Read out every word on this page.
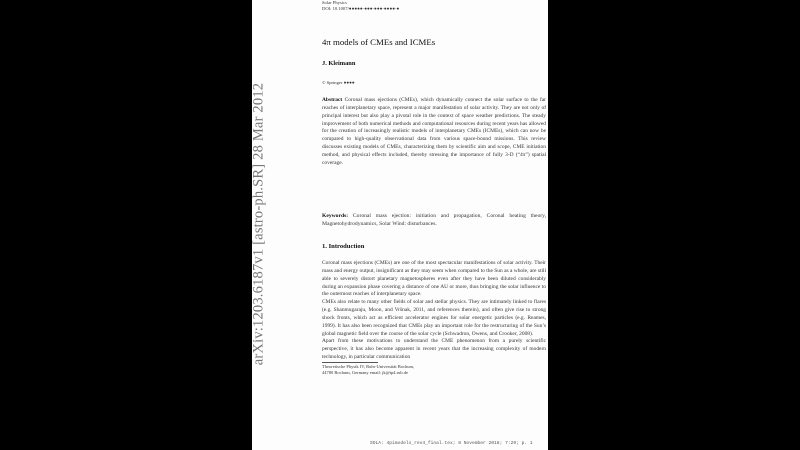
arXiv:1203.6187v1 [astro-ph.SR] 28 Mar 2012
Solar Physics
DOI: 10.1007/●●●●●-●●●-●●●-●●●●-●
4π models of CMEs and ICMEs
J. Kleimann
© Springer ●●●●
Abstract Coronal mass ejections (CMEs), which dynamically connect the solar surface to the far reaches of interplanetary space, represent a major manifestation of solar activity. They are not only of principal interest but also play a pivotal role in the context of space weather predictions. The steady improvement of both numerical methods and computational resources during recent years has allowed for the creation of increasingly realistic models of interplanetary CMEs (ICMEs), which can now be compared to high-quality observational data from various space-bound missions. This review discusses existing models of CMEs, characterizing them by scientific aim and scope, CME initiation method, and physical effects included, thereby stressing the importance of fully 3-D (“4π”) spatial coverage.
Keywords: Coronal mass ejection: initiation and propagation, Coronal heating theory, Magnetohydrodynamics, Solar Wind: disturbances.
1. Introduction

Coronal mass ejections (CMEs) are one of the most spectacular manifestations of solar activity. Their mass and energy output, insignificant as they may seem when compared to the Sun as a whole, are still able to severely distort planetary magnetospheres even after they have been diluted considerably during an expansion phase covering a distance of one AU or more, thus bringing the solar influence to the outermost reaches of interplanetary space.

CMEs also relate to many other fields of solar and stellar physics. They are intimately linked to flares (e.g. Shanmugaraju, Moon, and Vršnak, 2011, and references therein), and often give rise to strong shock fronts, which act as efficient accelerator engines for solar energetic particles (e.g. Reames, 1999). It has also been recognized that CMEs play an important role for the restructuring of the Sun’s global magnetic field over the course of the solar cycle (Schwadron, Owens, and Crooker, 2008).

Apart from these motivations to understand the CME phenomenon from a purely scientific perspective, it has also become apparent in recent years that the increasing complexity of modern technology, in particular communication

Theoretische Physik IV, Ruhr-Universität Bochum,
44780 Bochum, Germany email: jk@tp4.rub.de
SOLA: 4pimodels_rev4_final.tex; 8 November 2018; 7:29; p. 1
